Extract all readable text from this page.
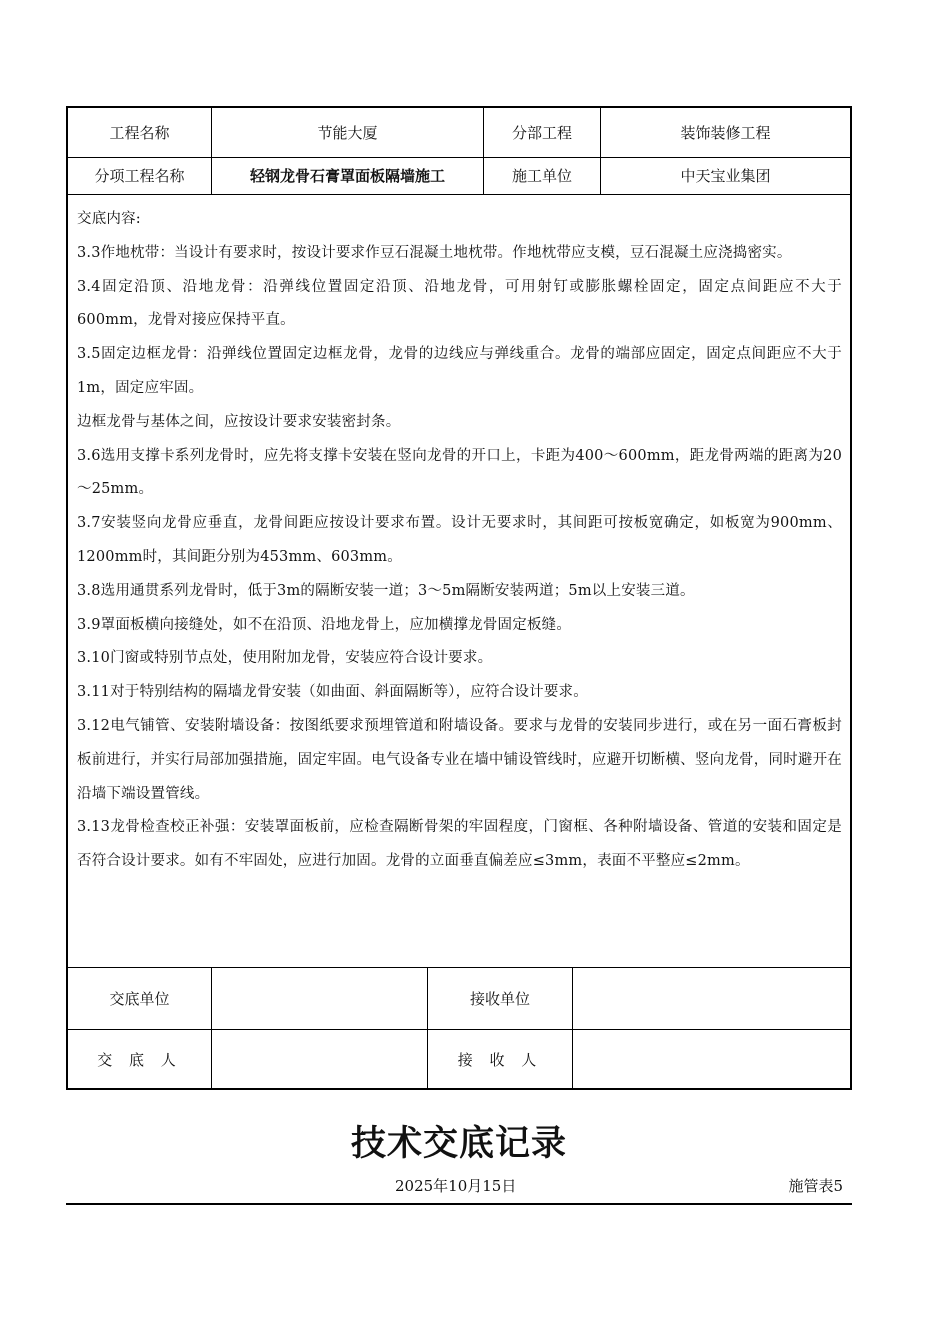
工程名称	节能大厦	分部工程	装饰装修工程
分项工程名称	轻钢龙骨石膏罩面板隔墙施工	施工单位	中天宝业集团

交底内容:

3.3作地枕带：当设计有要求时，按设计要求作豆石混凝土地枕带。作地枕带应支模，豆石混凝土应浇捣密实。

3.4固定沿顶、沿地龙骨：沿弹线位置固定沿顶、沿地龙骨，可用射钉或膨胀螺栓固定，固定点间距应不大于600mm，龙骨对接应保持平直。

3.5固定边框龙骨：沿弹线位置固定边框龙骨，龙骨的边线应与弹线重合。龙骨的端部应固定，固定点间距应不大于1m，固定应牢固。

边框龙骨与基体之间，应按设计要求安装密封条。

3.6选用支撑卡系列龙骨时，应先将支撑卡安装在竖向龙骨的开口上，卡距为400～600mm，距龙骨两端的距离为20～25mm。

3.7安装竖向龙骨应垂直，龙骨间距应按设计要求布置。设计无要求时，其间距可按板宽确定，如板宽为900mm、1200mm时，其间距分别为453mm、603mm。

3.8选用通贯系列龙骨时，低于3m的隔断安装一道；3～5m隔断安装两道；5m以上安装三道。

3.9罩面板横向接缝处，如不在沿顶、沿地龙骨上，应加横撑龙骨固定板缝。

3.10门窗或特别节点处，使用附加龙骨，安装应符合设计要求。

3.11对于特别结构的隔墙龙骨安装（如曲面、斜面隔断等），应符合设计要求。

3.12电气铺管、安装附墙设备：按图纸要求预埋管道和附墙设备。要求与龙骨的安装同步进行，或在另一面石膏板封板前进行，并实行局部加强措施，固定牢固。电气设备专业在墙中铺设管线时，应避开切断横、竖向龙骨，同时避开在沿墙下端设置管线。

3.13龙骨检查校正补强：安装罩面板前，应检查隔断骨架的牢固程度，门窗框、各种附墙设备、管道的安装和固定是否符合设计要求。如有不牢固处，应进行加固。龙骨的立面垂直偏差应≤3mm，表面不平整应≤2mm。

交底单位	接收单位
交 底 人	接 收 人
技术交底记录
2025年10月15日	施管表5
